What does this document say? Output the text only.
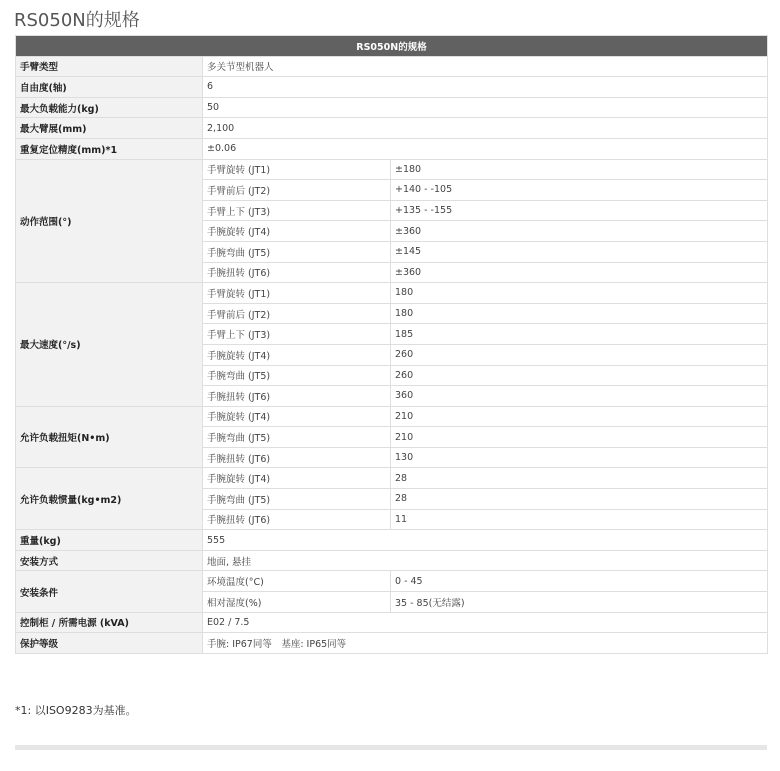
RS050N的规格
RS050N的规格		
手臂类型	多关节型机器人	
自由度(轴)	6	
最大负载能力(kg)	50	
最大臂展(mm)	2,100	
重复定位精度(mm)*1	±0.06	
动作范围(°)	手臂旋转 (JT1)	±180
	手臂前后 (JT2)	+140 - -105
	手臂上下 (JT3)	+135 - -155
	手腕旋转 (JT4)	±360
	手腕弯曲 (JT5)	±145
	手腕扭转 (JT6)	±360
最大速度(°/s)	手臂旋转 (JT1)	180
	手臂前后 (JT2)	180
	手臂上下 (JT3)	185
	手腕旋转 (JT4)	260
	手腕弯曲 (JT5)	260
	手腕扭转 (JT6)	360
允许负载扭矩(N•m)	手腕旋转 (JT4)	210
	手腕弯曲 (JT5)	210
	手腕扭转 (JT6)	130
允许负载惯量(kg•m2)	手腕旋转 (JT4)	28
	手腕弯曲 (JT5)	28
	手腕扭转 (JT6)	11
重量(kg)	555	
安装方式	地面, 悬挂	
安装条件	环境温度(°C)	0 - 45
	相对湿度(%)	35 - 85(无结露)
控制柜 / 所需电源 (kVA)	E02 / 7.5	
保护等级	手腕: IP67同等　基座: IP65同等	

*1: 以ISO9283为基准。
